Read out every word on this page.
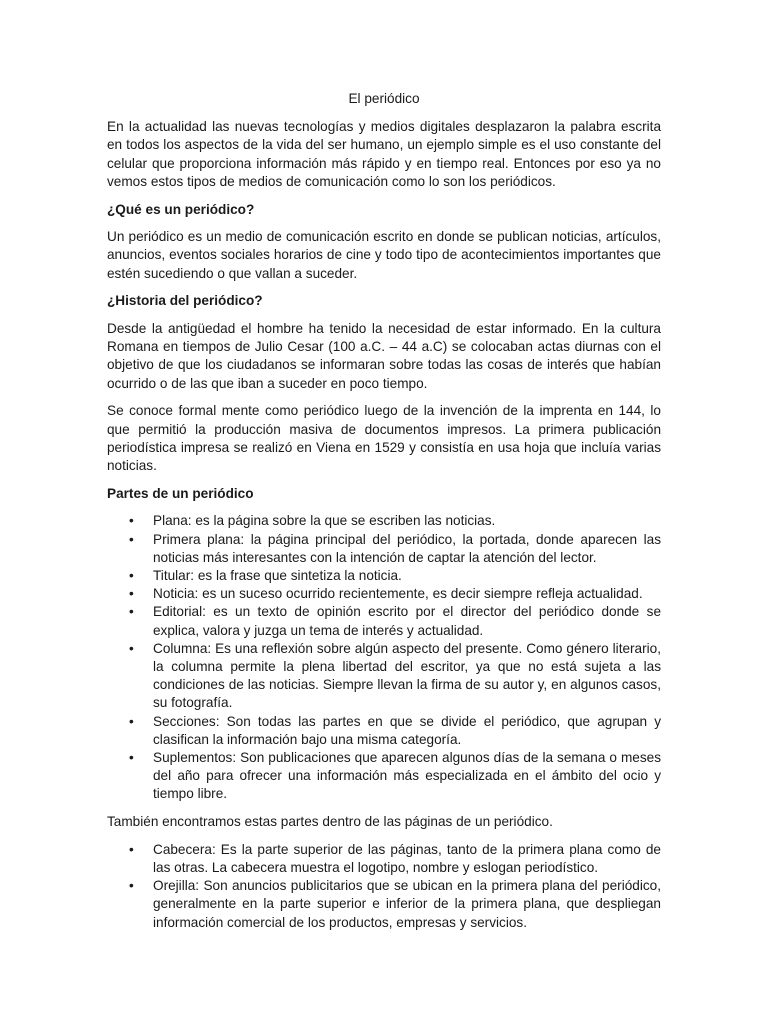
El periódico

En la actualidad las nuevas tecnologías y medios digitales desplazaron la palabra escrita en todos los aspectos de la vida del ser humano, un ejemplo simple es el uso constante del celular que proporciona información más rápido y en tiempo real. Entonces por eso ya no vemos estos tipos de medios de comunicación como lo son los periódicos.

¿Qué es un periódico?

Un periódico es un medio de comunicación escrito en donde se publican noticias, artículos, anuncios, eventos sociales horarios de cine y todo tipo de acontecimientos importantes que estén sucediendo o que vallan a suceder.

¿Historia del periódico?

Desde la antigüedad el hombre ha tenido la necesidad de estar informado. En la cultura Romana en tiempos de Julio Cesar (100 a.C. – 44 a.C) se colocaban actas diurnas con el objetivo de que los ciudadanos se informaran sobre todas las cosas de interés que habían ocurrido o de las que iban a suceder en poco tiempo.

Se conoce formal mente como periódico luego de la invención de la imprenta en 144, lo que permitió la producción masiva de documentos impresos. La primera publicación periodística impresa se realizó en Viena en 1529 y consistía en usa hoja que incluía varias noticias.

Partes de un periódico
• Plana: es la página sobre la que se escriben las noticias.
• Primera plana: la página principal del periódico, la portada, donde aparecen las noticias más interesantes con la intención de captar la atención del lector.
• Titular: es la frase que sintetiza la noticia.
• Noticia: es un suceso ocurrido recientemente, es decir siempre refleja actualidad.
• Editorial: es un texto de opinión escrito por el director del periódico donde se explica, valora y juzga un tema de interés y actualidad.
• Columna: Es una reflexión sobre algún aspecto del presente. Como género literario, la columna permite la plena libertad del escritor, ya que no está sujeta a las condiciones de las noticias. Siempre llevan la firma de su autor y, en algunos casos, su fotografía.
• Secciones: Son todas las partes en que se divide el periódico, que agrupan y clasifican la información bajo una misma categoría.
• Suplementos: Son publicaciones que aparecen algunos días de la semana o meses del año para ofrecer una información más especializada en el ámbito del ocio y tiempo libre.

También encontramos estas partes dentro de las páginas de un periódico.

• Cabecera: Es la parte superior de las páginas, tanto de la primera plana como de las otras. La cabecera muestra el logotipo, nombre y eslogan periodístico.
• Orejilla: Son anuncios publicitarios que se ubican en la primera plana del periódico, generalmente en la parte superior e inferior de la primera plana, que despliegan información comercial de los productos, empresas y servicios.
